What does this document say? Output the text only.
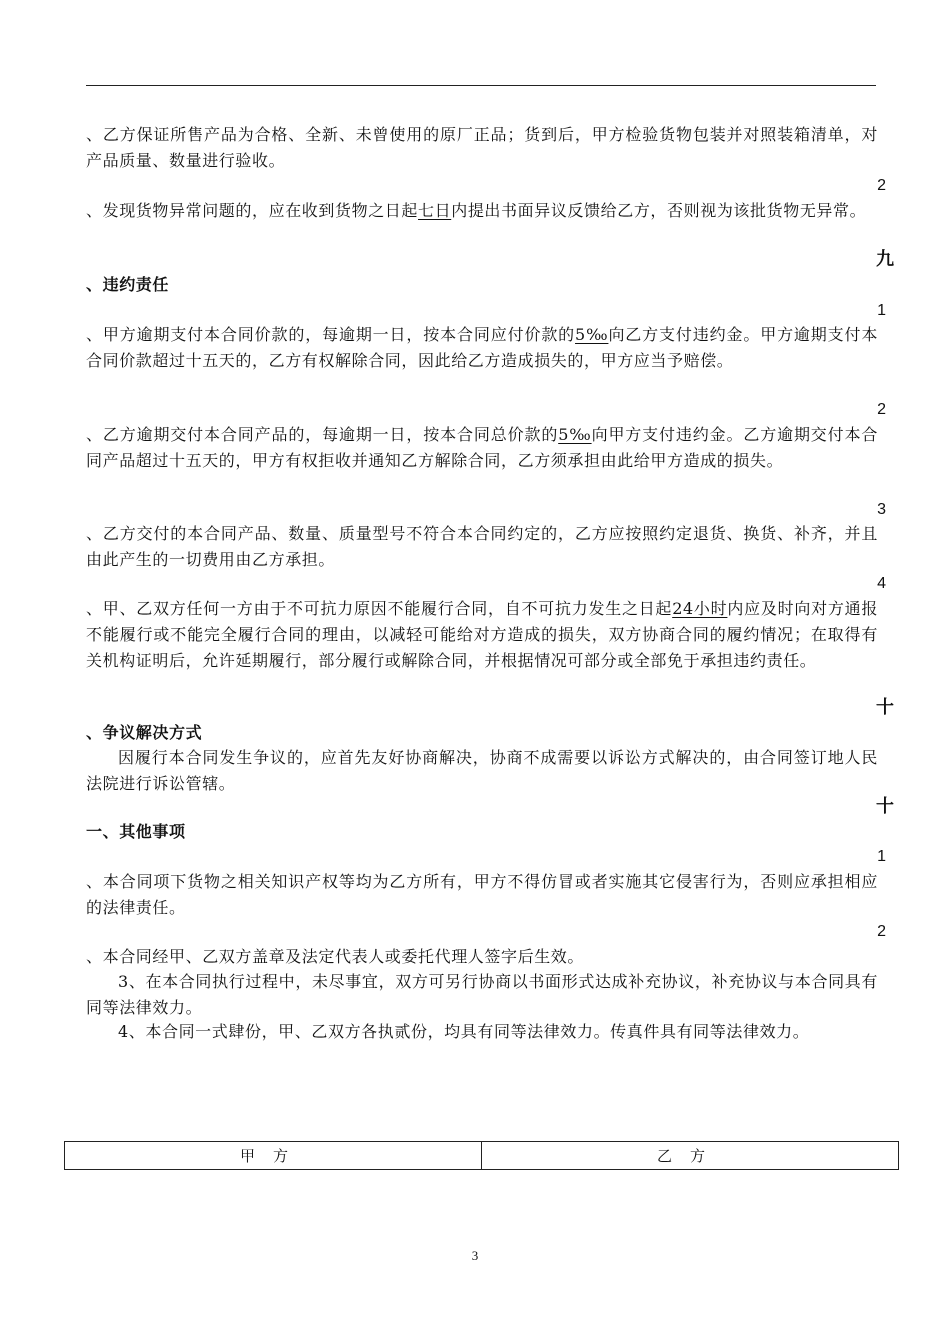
、乙方保证所售产品为合格、全新、未曾使用的原厂正品；货到后，甲方检验货物包装并对照装箱清单，对产品质量、数量进行验收。
2
、发现货物异常问题的，应在收到货物之日起七日内提出书面异议反馈给乙方，否则视为该批货物无异常。
九
、违约责任
1
、甲方逾期支付本合同价款的，每逾期一日，按本合同应付价款的5‰向乙方支付违约金。甲方逾期支付本合同价款超过十五天的，乙方有权解除合同，因此给乙方造成损失的，甲方应当予赔偿。
2
、乙方逾期交付本合同产品的，每逾期一日，按本合同总价款的5‰向甲方支付违约金。乙方逾期交付本合同产品超过十五天的，甲方有权拒收并通知乙方解除合同，乙方须承担由此给甲方造成的损失。
3
、乙方交付的本合同产品、数量、质量型号不符合本合同约定的，乙方应按照约定退货、换货、补齐，并且由此产生的一切费用由乙方承担。
4
、甲、乙双方任何一方由于不可抗力原因不能履行合同，自不可抗力发生之日起24小时内应及时向对方通报不能履行或不能完全履行合同的理由，以减轻可能给对方造成的损失，双方协商合同的履约情况；在取得有关机构证明后，允许延期履行，部分履行或解除合同，并根据情况可部分或全部免于承担违约责任。
十
、争议解决方式
因履行本合同发生争议的，应首先友好协商解决，协商不成需要以诉讼方式解决的，由合同签订地人民法院进行诉讼管辖。
十
一、其他事项
1
、本合同项下货物之相关知识产权等均为乙方所有，甲方不得仿冒或者实施其它侵害行为，否则应承担相应的法律责任。
2
、本合同经甲、乙双方盖章及法定代表人或委托代理人签字后生效。
3、在本合同执行过程中，未尽事宜，双方可另行协商以书面形式达成补充协议，补充协议与本合同具有同等法律效力。
4、本合同一式肆份，甲、乙双方各执贰份，均具有同等法律效力。传真件具有同等法律效力。
甲方	乙方
3
